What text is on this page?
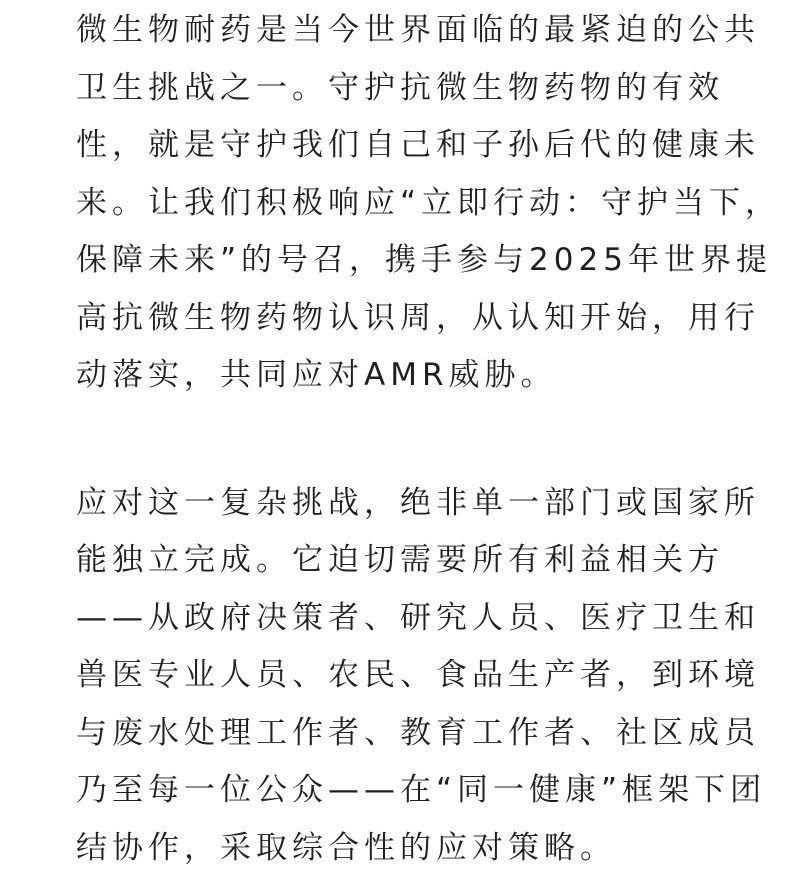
微生物耐药是当今世界面临的最紧迫的公共
卫生挑战之一。守护抗微生物药物的有效
性，就是守护我们自己和子孙后代的健康未
来。让我们积极响应“立即行动：守护当下，
保障未来”的号召，携手参与2025年世界提
高抗微生物药物认识周，从认知开始，用行
动落实，共同应对AMR威胁。

应对这一复杂挑战，绝非单一部门或国家所
能独立完成。它迫切需要所有利益相关方
——从政府决策者、研究人员、医疗卫生和
兽医专业人员、农民、食品生产者，到环境
与废水处理工作者、教育工作者、社区成员
乃至每一位公众——在“同一健康”框架下团
结协作，采取综合性的应对策略。
